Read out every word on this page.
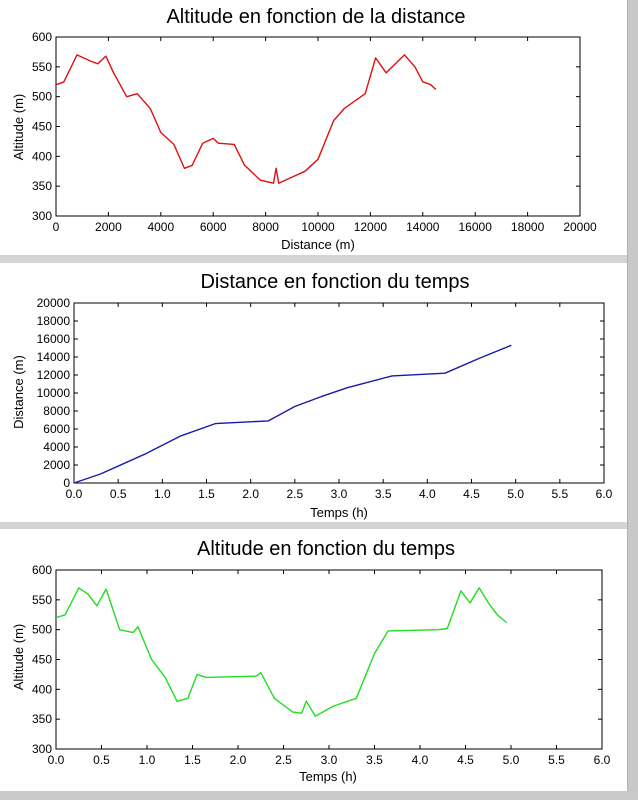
Altitude en fonction de la distance
Distance (m)
Altitude (m)
0	2000 4000 6000 8000 10000 12000 14000 16000 18000 20000
300
350
400
450
500
550
600
Distance en fonction du temps
Temps (h)
Distance (m)
0.0 0.5 1.0 1.5 2.0 2.5 3.0 3.5 4.0 4.5 5.0 5.5 6.0
0
2000
4000
6000
8000
10000
12000
14000
16000
18000
20000
Altitude en fonction du temps
Temps (h)
Altitude (m)
0.0 0.5 1.0 1.5 2.0 2.5 3.0 3.5 4.0 4.5 5.0 5.5 6.0
300
350
400
450
500
550
600
